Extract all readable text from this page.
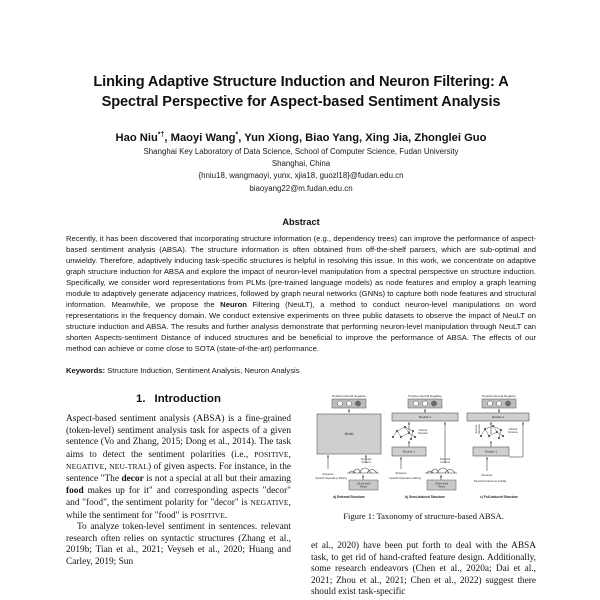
Linking Adaptive Structure Induction and Neuron Filtering: A Spectral Perspective for Aspect-based Sentiment Analysis
Hao Niu*†, Maoyi Wang*, Yun Xiong, Biao Yang, Xing Jia, Zhonglei Guo
Shanghai Key Laboratory of Data Science, School of Computer Science, Fudan University
Shanghai, China
{hniu18, wangmaoyi, yunx, xjia18, guozl18}@fudan.edu.cn
biaoyang22@m.fudan.edu.cn
Abstract
Recently, it has been discovered that incorporating structure information (e.g., dependency trees) can improve the performance of aspect-based sentiment analysis (ABSA). The structure information is often obtained from off-the-shelf parsers, which are sub-optimal and unwieldy. Therefore, adaptively inducing task-specific structures is helpful in resolving this issue. In this work, we concentrate on adaptive graph structure induction for ABSA and explore the impact of neuron-level manipulation from a spectral perspective on structure induction. Specifically, we consider word representations from PLMs (pre-trained language models) as node features and employ a graph learning module to adaptively generate adjacency matrices, followed by graph neural networks (GNNs) to capture both node features and structural information. Meanwhile, we propose the Neuron Filtering (NeuLT), a method to conduct neuron-level manipulations on word representations in the frequency domain. We conduct extensive experiments on three public datasets to observe the impact of NeuLT on structure induction and ABSA. The results and further analysis demonstrate that performing neuron-level manipulation through NeuLT can shorten Aspects-sentiment Distance of induced structures and be beneficial to improve the performance of ABSA. The effects of our method can achieve or come close to SOTA (state-of-the-art) performance.
Keywords: Structure Induction, Sentiment Analysis, Neuron Analysis
1. Introduction

Aspect-based sentiment analysis (ABSA) is a fine-grained (token-level) sentiment analysis task for aspects of a given sentence (Vo and Zhang, 2015; Dong et al., 2014). The task aims to detect the sentiment polarities (i.e., POSITIVE, NEGATIVE, NEU-TRAL) of given aspects. For instance, in the sentence "The decor is not a special at all but their amazing food makes up for it" and corresponding aspects "decor" and "food", the sentiment polarity for "decor" is NEGATIVE, while the sentiment for "food" is POSITIVE.

To analyze token-level sentiment in sentences. relevant research often relies on syntactic structures (Zhang et al., 2019b; Tian et al., 2021; Veyseh et al., 2020; Huang and Carley, 2019; Sun

Positive Neutral Negative
Model
Sentence
Structural
Contents
Off-the-shelf
Parser
Syntactic Dependency Parsing
a) External Structure
Positive Neutral Negative
Module 2
Induced
Structure
Module 1
Sentence
Structural
Contents
Off-the-shelf
Parser
Syntactic Dependency Parsing
b) Semi-induced Structure
Positive Neutral Negative
Module 2
Induced Structure	Induced
Structure
Module 1
Sentence
Structural Contents are Invisible
c) Full-induced Structure
Figure 1: Taxonomy of structure-based ABSA.

et al., 2020) have been put forth to deal with the ABSA task, to get rid of hand-crafted feature design. Additionally, some research endeavors (Chen et al., 2020a; Dai et al., 2021; Zhou et al., 2021; Chen et al., 2022) suggest there should exist task-specific
